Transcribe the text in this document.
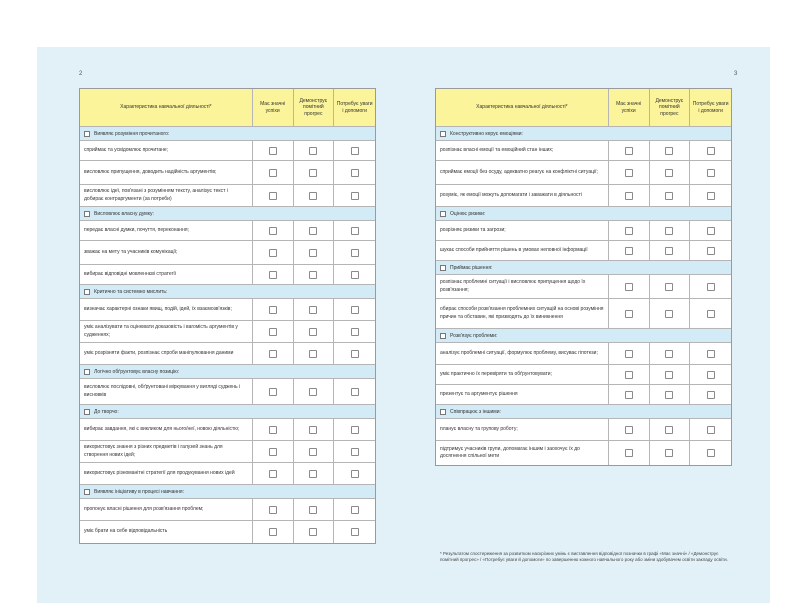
2
Характеристика навчальної діяльності*
Має значні успіхи
Демонструє помітний прогрес
Потребує уваги і допомоги
Виявляє розуміння прочитаного:
сприймає та усвідомлює прочитане;
висловлює припущення, доводить надійність аргументів;
висловлює ідеї, пов'язані з розумінням тексту, аналізує текст і добирає контраргументи (за потреби)
Висловлює власну думку:
передає власні думки, почуття, переконання;
зважає на мету та учасників комунікації;
вибирає відповідні мовленнєві стратегії
Критично та системно мислить:
визначає характерні ознаки явищ, подій, ідей, їх взаємозв'язків;
уміє аналізувати та оцінювати доказовість і вагомість аргументів у судженнях;
уміє розрізняти факти, розпізнає спроби маніпулювання даними
Логічно обґрунтовує власну позицію:
висловлює послідовні, обґрунтовані міркування у вигляді суджень і висновків
До творчо:
вибирає завдання, які є викликом для нього/неї, новою діяльністю;
використовує знання з різних предметів і галузей знань для створення нових ідей;
використовує різноманітні стратегії для продукування нових ідей
Виявляє ініціативу в процесі навчання:
пропонує власні рішення для розв'язання проблем;
уміє брати на себе відповідальність
3
Характеристика навчальної діяльності*
Має значні успіхи
Демонструє помітний прогрес
Потребує уваги і допомоги
Конструктивно керує емоціями:
розпізнає власні емоції та емоційний стан інших;
сприймає емоції без осуду, адекватно реагує на конфліктні ситуації;
розуміє, як емоції можуть допомагати і заважати в діяльності
Оцінює ризики:
розрізняє ризики та загрози;
шукає способи прийняття рішень в умовах неповної інформації
Приймає рішення:
розпізнає проблемні ситуації і висловлює припущення щодо їх розв'язання;
обирає способи розв'язання проблемних ситуацій на основі розуміння причин та обставин, які призводять до їх виникнення
Розв'язує проблеми:
аналізує проблемні ситуації, формулює проблему, висуває гіпотези;
уміє практично їх перевіряти та обґрунтовувати;
презентує та аргументує рішення
Співпрацює з іншими:
планує власну та групову роботу;
підтримує учасників групи, допомагає іншим і заохочує їх до досягнення спільної мети
* Результатом спостереження за розвитком наскрізних умінь є виставлення відповідної позначки в графі «Має значні» / «Демонструє помітний прогрес» / «Потребує уваги й допомоги» по завершенню кожного навчального року або зміни здобувачем освіти закладу освіти.
